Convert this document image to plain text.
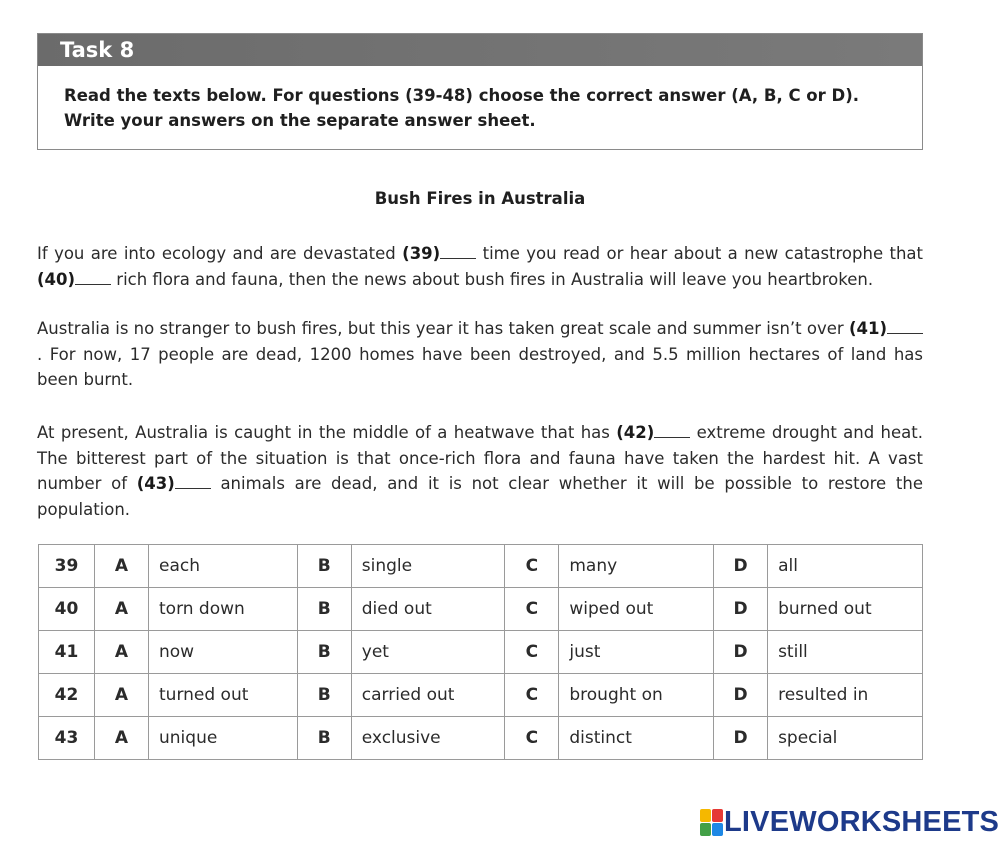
Task 8
Read the texts below. For questions (39-48) choose the correct answer (A, B, C or D). Write your answers on the separate answer sheet.
Bush Fires in Australia
If you are into ecology and are devastated (39) time you read or hear about a new catastrophe that (40) rich flora and fauna, then the news about bush fires in Australia will leave you heartbroken.
Australia is no stranger to bush fires, but this year it has taken great scale and summer isn’t over (41). For now, 17 people are dead, 1200 homes have been destroyed, and 5.5 million hectares of land has been burnt.
At present, Australia is caught in the middle of a heatwave that has (42) extreme drought and heat. The bitterest part of the situation is that once-rich flora and fauna have taken the hardest hit. A vast number of (43) animals are dead, and it is not clear whether it will be possible to restore the population.
39	A	each	B	single	C	many	D	all
40	A	torn down	B	died out	C	wiped out	D	burned out
41	A	now	B	yet	C	just	D	still
42	A	turned out	B	carried out	C	brought on	D	resulted in
43	A	unique	B	exclusive	C	distinct	D	special
LIVEWORKSHEETS
